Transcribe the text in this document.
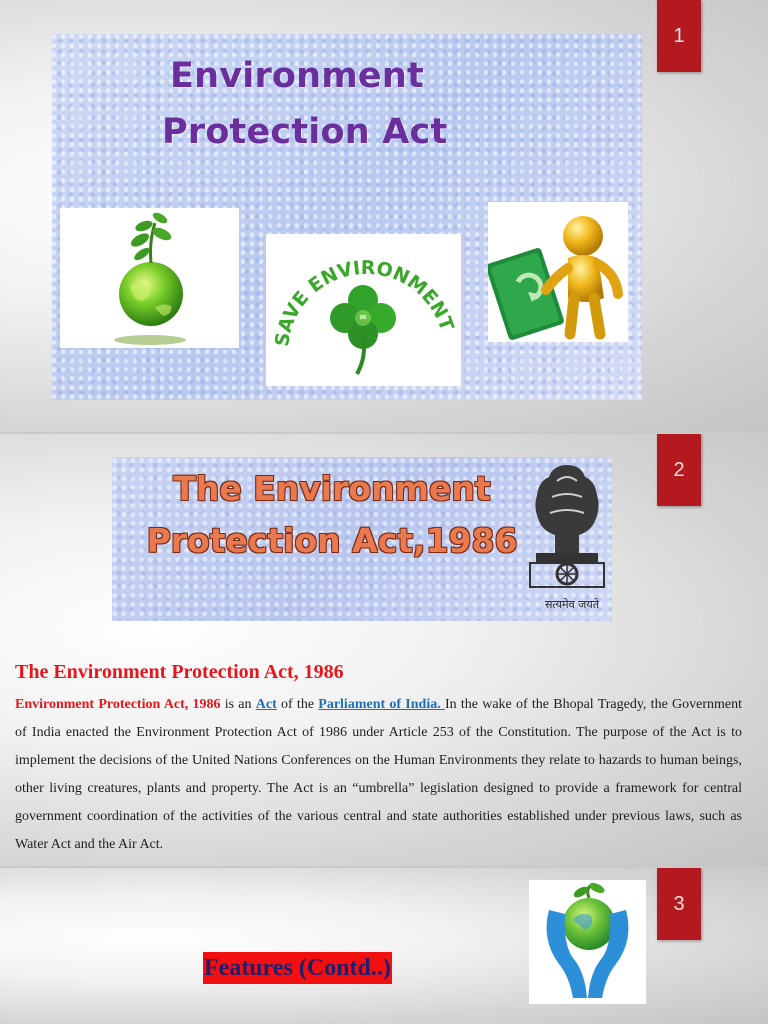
Environment
Protection Act
SAVE ENVIRONMENT
1
The Environment
Protection Act,1986
सत्यमेव जयते
2
The Environment Protection Act, 1986
Environment Protection Act, 1986 is an Act of the Parliament of India. In the wake of the Bhopal Tragedy, the Government of India enacted the Environment Protection Act of 1986 under Article 253 of the Constitution. The purpose of the Act is to implement the decisions of the United Nations Conferences on the Human Environments they relate to hazards to human beings, other living creatures, plants and property. The Act is an “umbrella” legislation designed to provide a framework for central government coordination of the activities of the various central and state authorities established under previous laws, such as Water Act and the Air Act.
3
Features (Contd..)
